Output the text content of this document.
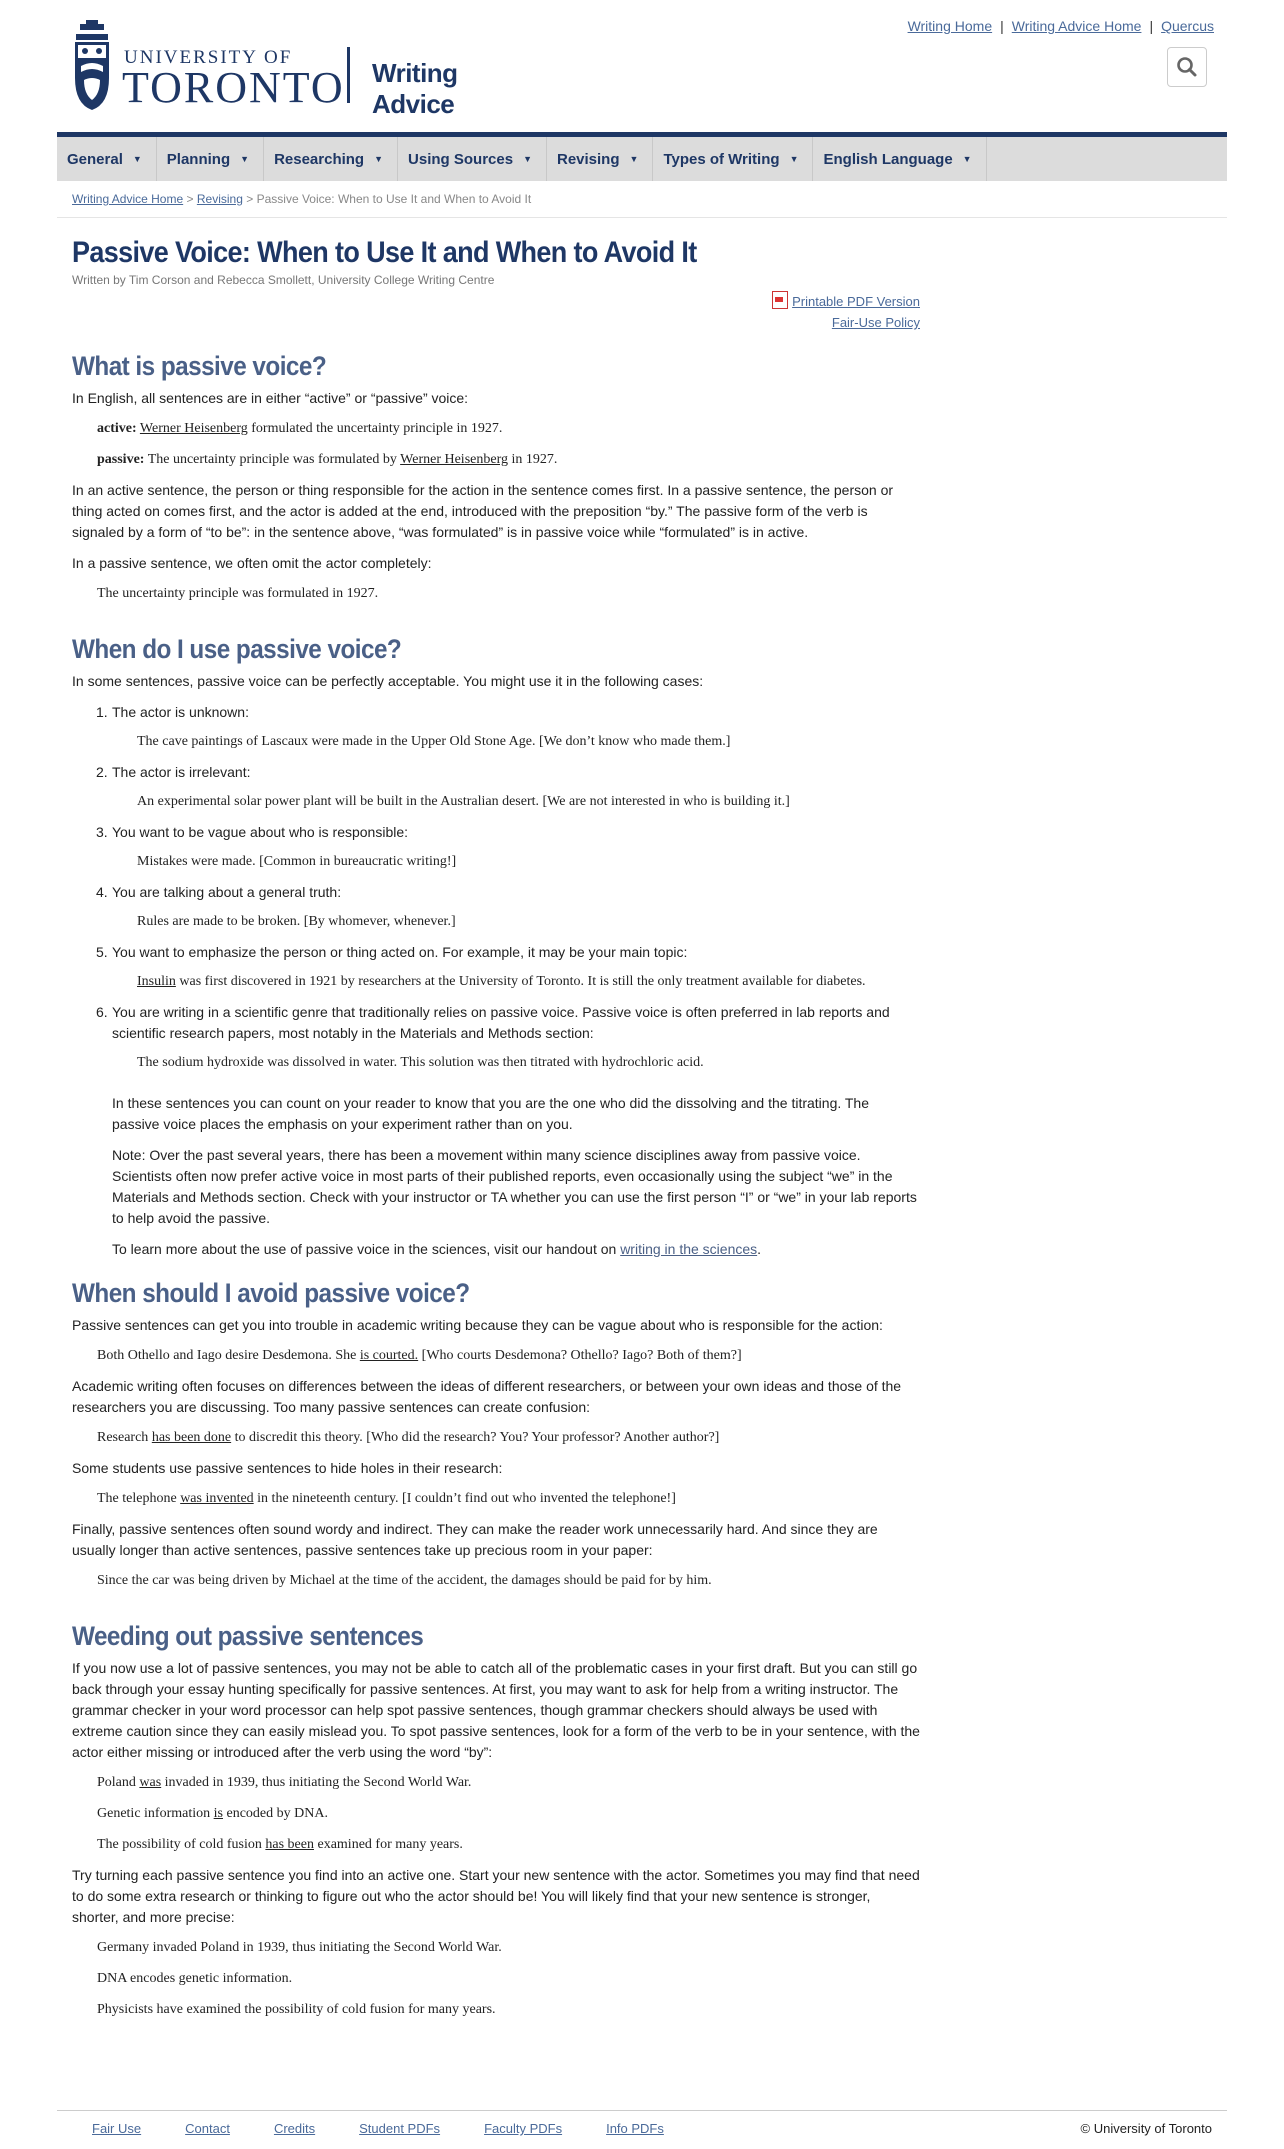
Writing Home | Writing Advice Home | Quercus
UNIVERSITY OF
TORONTO Writing Advice
General ▼ Planning ▼ Researching ▼ Using Sources ▼ Revising ▼ Types of Writing ▼ English Language ▼
Writing Advice Home > Revising > Passive Voice: When to Use It and When to Avoid It
Passive Voice: When to Use It and When to Avoid It
Written by Tim Corson and Rebecca Smollett, University College Writing Centre
Printable PDF Version
Fair-Use Policy
What is passive voice?

In English, all sentences are in either “active” or “passive” voice:

active: Werner Heisenberg formulated the uncertainty principle in 1927.

passive: The uncertainty principle was formulated by Werner Heisenberg in 1927.

In an active sentence, the person or thing responsible for the action in the sentence comes first. In a passive sentence, the person or thing acted on comes first, and the actor is added at the end, introduced with the preposition “by.” The passive form of the verb is signaled by a form of “to be”: in the sentence above, “was formulated” is in passive voice while “formulated” is in active.

In a passive sentence, we often omit the actor completely:

The uncertainty principle was formulated in 1927.

When do I use passive voice?

In some sentences, passive voice can be perfectly acceptable. You might use it in the following cases:

1. The actor is unknown:

The cave paintings of Lascaux were made in the Upper Old Stone Age. [We don’t know who made them.]

2. The actor is irrelevant:

An experimental solar power plant will be built in the Australian desert. [We are not interested in who is building it.]

3. You want to be vague about who is responsible:

Mistakes were made. [Common in bureaucratic writing!]

4. You are talking about a general truth:

Rules are made to be broken. [By whomever, whenever.]

5. You want to emphasize the person or thing acted on. For example, it may be your main topic:

Insulin was first discovered in 1921 by researchers at the University of Toronto. It is still the only treatment available for diabetes.

6. You are writing in a scientific genre that traditionally relies on passive voice. Passive voice is often preferred in lab reports and scientific research papers, most notably in the Materials and Methods section:

The sodium hydroxide was dissolved in water. This solution was then titrated with hydrochloric acid.

In these sentences you can count on your reader to know that you are the one who did the dissolving and the titrating. The passive voice places the emphasis on your experiment rather than on you.

Note: Over the past several years, there has been a movement within many science disciplines away from passive voice. Scientists often now prefer active voice in most parts of their published reports, even occasionally using the subject “we” in the Materials and Methods section. Check with your instructor or TA whether you can use the first person “I” or “we” in your lab reports to help avoid the passive.

To learn more about the use of passive voice in the sciences, visit our handout on writing in the sciences.

When should I avoid passive voice?

Passive sentences can get you into trouble in academic writing because they can be vague about who is responsible for the action:

Both Othello and Iago desire Desdemona. She is courted. [Who courts Desdemona? Othello? Iago? Both of them?]

Academic writing often focuses on differences between the ideas of different researchers, or between your own ideas and those of the researchers you are discussing. Too many passive sentences can create confusion:

Research has been done to discredit this theory. [Who did the research? You? Your professor? Another author?]

Some students use passive sentences to hide holes in their research:

The telephone was invented in the nineteenth century. [I couldn’t find out who invented the telephone!]

Finally, passive sentences often sound wordy and indirect. They can make the reader work unnecessarily hard. And since they are usually longer than active sentences, passive sentences take up precious room in your paper:

Since the car was being driven by Michael at the time of the accident, the damages should be paid for by him.

Weeding out passive sentences

If you now use a lot of passive sentences, you may not be able to catch all of the problematic cases in your first draft. But you can still go back through your essay hunting specifically for passive sentences. At first, you may want to ask for help from a writing instructor. The grammar checker in your word processor can help spot passive sentences, though grammar checkers should always be used with extreme caution since they can easily mislead you. To spot passive sentences, look for a form of the verb to be in your sentence, with the actor either missing or introduced after the verb using the word “by”:

Poland was invaded in 1939, thus initiating the Second World War.

Genetic information is encoded by DNA.

The possibility of cold fusion has been examined for many years.

Try turning each passive sentence you find into an active one. Start your new sentence with the actor. Sometimes you may find that need to do some extra research or thinking to figure out who the actor should be! You will likely find that your new sentence is stronger, shorter, and more precise:

Germany invaded Poland in 1939, thus initiating the Second World War.

DNA encodes genetic information.

Physicists have examined the possibility of cold fusion for many years.

Fair Use	Contact	Credits	Student PDFs	Faculty PDFs	Info PDFs	© University of Toronto
